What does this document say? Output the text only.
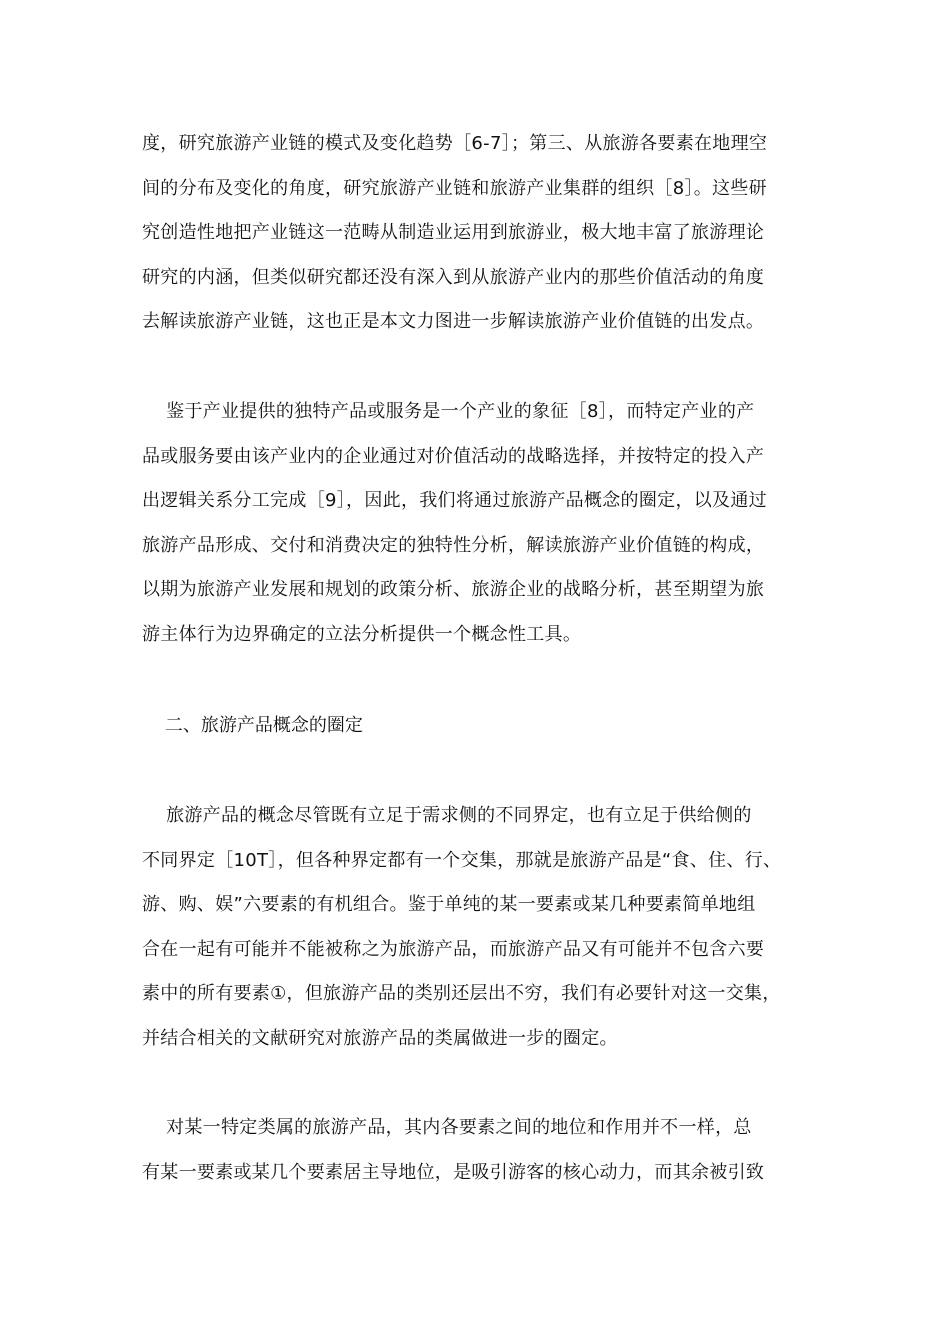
度，研究旅游产业链的模式及变化趋势［6-7］；第三、从旅游各要素在地理空
间的分布及变化的角度，研究旅游产业链和旅游产业集群的组织［8］。这些研
究创造性地把产业链这一范畴从制造业运用到旅游业，极大地丰富了旅游理论
研究的内涵，但类似研究都还没有深入到从旅游产业内的那些价值活动的角度
去解读旅游产业链，这也正是本文力图进一步解读旅游产业价值链的出发点。
鉴于产业提供的独特产品或服务是一个产业的象征［8］，而特定产业的产
品或服务要由该产业内的企业通过对价值活动的战略选择，并按特定的投入产
出逻辑关系分工完成［9］，因此，我们将通过旅游产品概念的圈定，以及通过
旅游产品形成、交付和消费决定的独特性分析，解读旅游产业价值链的构成，
以期为旅游产业发展和规划的政策分析、旅游企业的战略分析，甚至期望为旅
游主体行为边界确定的立法分析提供一个概念性工具。
二、旅游产品概念的圈定
旅游产品的概念尽管既有立足于需求侧的不同界定，也有立足于供给侧的
不同界定［10T］，但各种界定都有一个交集，那就是旅游产品是“食、住、行、
游、购、娱”六要素的有机组合。鉴于单纯的某一要素或某几种要素简单地组
合在一起有可能并不能被称之为旅游产品，而旅游产品又有可能并不包含六要
素中的所有要素①，但旅游产品的类别还层出不穷，我们有必要针对这一交集，
并结合相关的文献研究对旅游产品的类属做进一步的圈定。
对某一特定类属的旅游产品，其内各要素之间的地位和作用并不一样，总
有某一要素或某几个要素居主导地位，是吸引游客的核心动力，而其余被引致
